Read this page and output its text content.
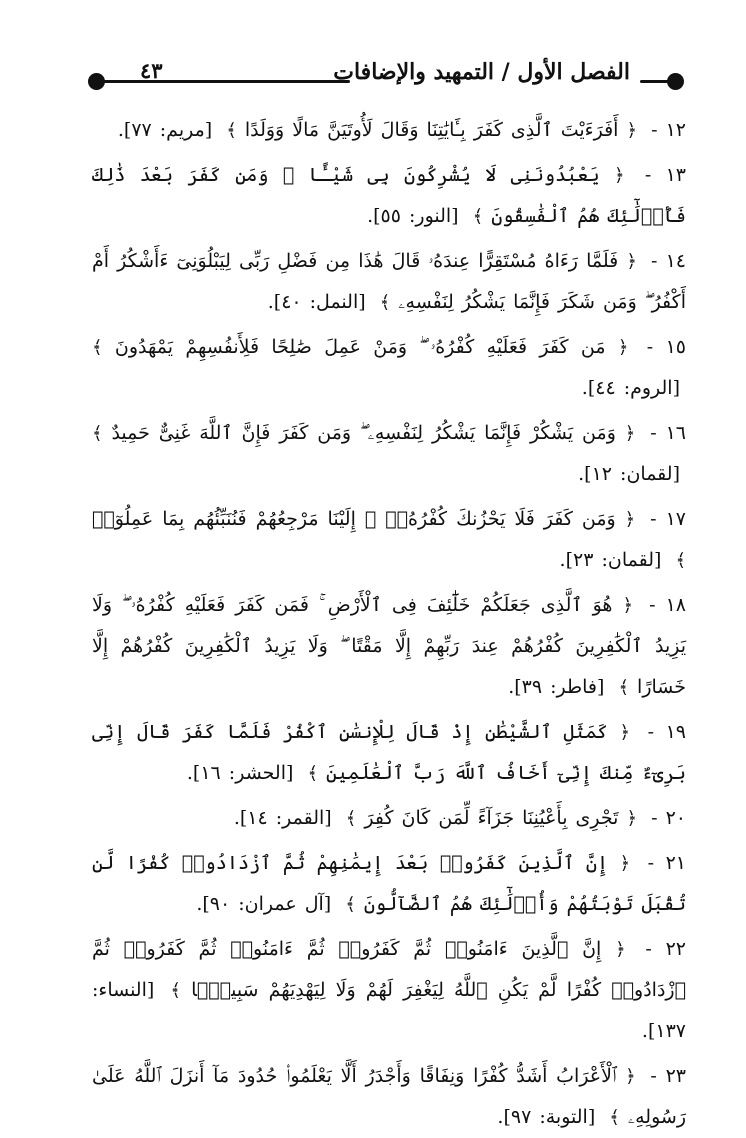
٤٣	الفصل الأول / التمهيد والإضافات

١٢ - ﴿ أَفَرَءَيْتَ ٱلَّذِى كَفَرَ بِـَٔايَٰتِنَا وَقَالَ لَأُوتَيَنَّ مَالًا وَوَلَدًا ﴾ [مريم: ٧٧].

١٣ - ﴿ يَعْبُدُونَنِى لَا يُشْرِكُونَ بِى شَيْـًٔا ۚ وَمَن كَفَرَ بَعْدَ ذَٰلِكَ فَأُو۟لَٰٓئِكَ هُمُ ٱلْفَٰسِقُونَ ﴾ [النور: ٥٥].

١٤ - ﴿ فَلَمَّا رَءَاهُ مُسْتَقِرًّا عِندَهُۥ قَالَ هَٰذَا مِن فَضْلِ رَبِّى لِيَبْلُوَنِىٓ ءَأَشْكُرُ أَمْ أَكْفُرُ ۖ وَمَن شَكَرَ فَإِنَّمَا يَشْكُرُ لِنَفْسِهِۦ ﴾ [النمل: ٤٠].

١٥ - ﴿ مَن كَفَرَ فَعَلَيْهِ كُفْرُهُۥ ۖ وَمَنْ عَمِلَ صَٰلِحًا فَلِأَنفُسِهِمْ يَمْهَدُونَ ﴾ [الروم: ٤٤].

١٦ - ﴿ وَمَن يَشْكُرْ فَإِنَّمَا يَشْكُرُ لِنَفْسِهِۦ ۖ وَمَن كَفَرَ فَإِنَّ ٱللَّهَ غَنِىٌّ حَمِيدٌ ﴾ [لقمان: ١٢].

١٧ - ﴿ وَمَن كَفَرَ فَلَا يَحْزُنكَ كُفْرُهُۥٓ ۚ إِلَيْنَا مَرْجِعُهُمْ فَنُنَبِّئُهُم بِمَا عَمِلُوٓا۟ ﴾ [لقمان: ٢٣].

١٨ - ﴿ هُوَ ٱلَّذِى جَعَلَكُمْ خَلَٰٓئِفَ فِى ٱلْأَرْضِ ۚ فَمَن كَفَرَ فَعَلَيْهِ كُفْرُهُۥ ۖ وَلَا يَزِيدُ ٱلْكَٰفِرِينَ كُفْرُهُمْ عِندَ رَبِّهِمْ إِلَّا مَقْتًا ۖ وَلَا يَزِيدُ ٱلْكَٰفِرِينَ كُفْرُهُمْ إِلَّا خَسَارًا ﴾ [فاطر: ٣٩].

١٩ - ﴿ كَمَثَلِ ٱلشَّيْطَٰنِ إِذْ قَالَ لِلْإِنسَٰنِ ٱكْفُرْ فَلَمَّا كَفَرَ قَالَ إِنِّى بَرِىٓءٌ مِّنكَ إِنِّىٓ أَخَافُ ٱللَّهَ رَبَّ ٱلْعَٰلَمِينَ ﴾ [الحشر: ١٦].

٢٠ - ﴿ تَجْرِى بِأَعْيُنِنَا جَزَآءً لِّمَن كَانَ كُفِرَ ﴾ [القمر: ١٤].

٢١ - ﴿ إِنَّ ٱلَّذِينَ كَفَرُوا۟ بَعْدَ إِيمَٰنِهِمْ ثُمَّ ٱزْدَادُوا۟ كُفْرًا لَّن تُقْبَلَ تَوْبَتُهُمْ وَأُو۟لَٰٓئِكَ هُمُ ٱلضَّآلُّونَ ﴾ [آل عمران: ٩٠].

٢٢ - ﴿ إِنَّ ٱلَّذِينَ ءَامَنُوا۟ ثُمَّ كَفَرُوا۟ ثُمَّ ءَامَنُوا۟ ثُمَّ كَفَرُوا۟ ثُمَّ ٱزْدَادُوا۟ كُفْرًا لَّمْ يَكُنِ ٱللَّهُ لِيَغْفِرَ لَهُمْ وَلَا لِيَهْدِيَهُمْ سَبِيلًۢا ﴾ [النساء: ١٣٧].

٢٣ - ﴿ ٱلْأَعْرَابُ أَشَدُّ كُفْرًا وَنِفَاقًا وَأَجْدَرُ أَلَّا يَعْلَمُوا۟ حُدُودَ مَآ أَنزَلَ ٱللَّهُ عَلَىٰ رَسُولِهِۦ ﴾ [التوبة: ٩٧].
